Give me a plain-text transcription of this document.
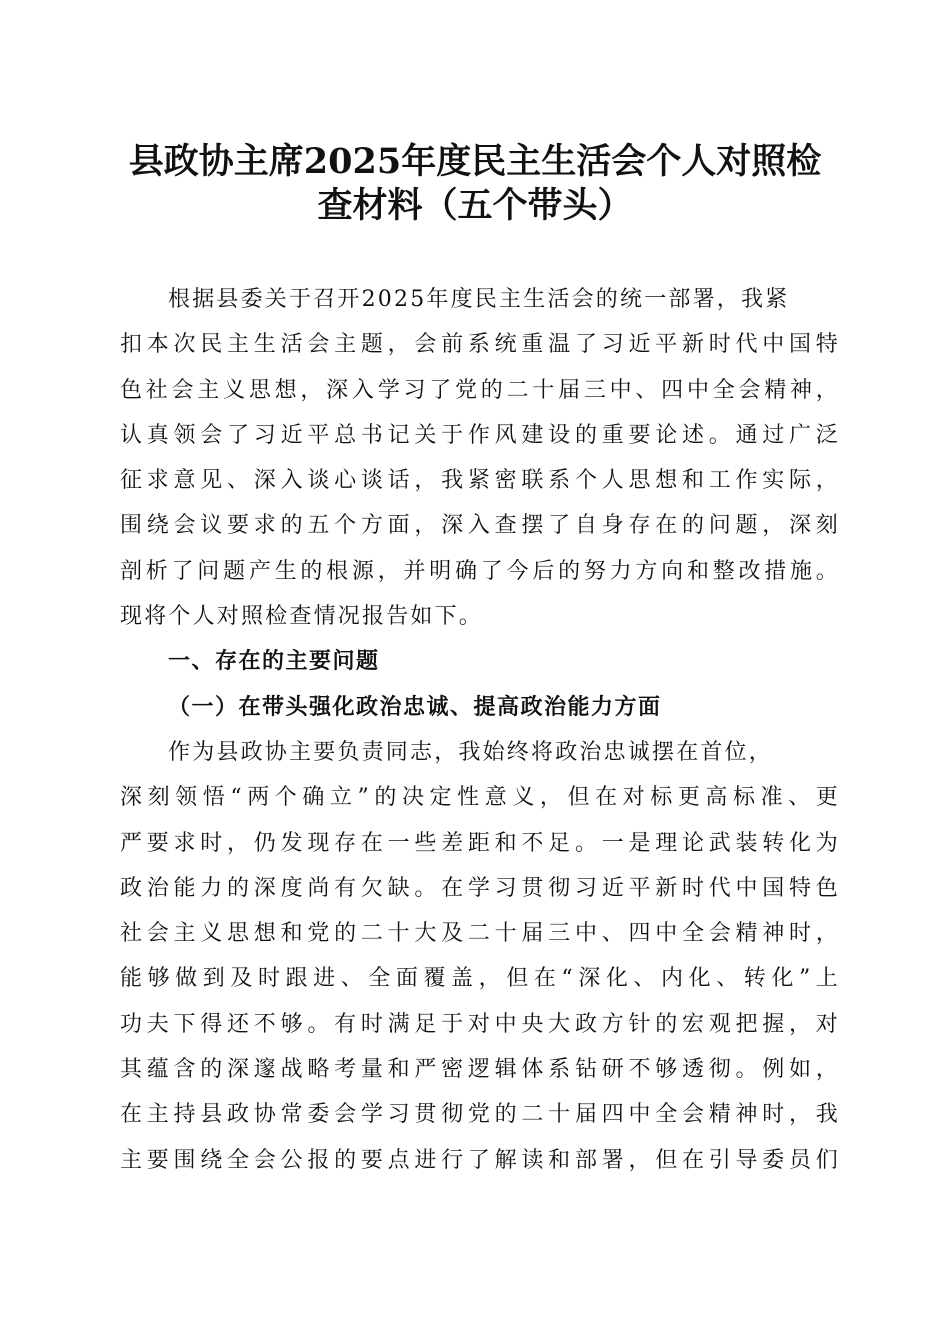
县政协主席2025年度民主生活会个人对照检
查材料（五个带头）
根据县委关于召开2025年度民主生活会的统一部署，我紧
扣本次民主生活会主题，会前系统重温了习近平新时代中国特
色社会主义思想，深入学习了党的二十届三中、四中全会精神，
认真领会了习近平总书记关于作风建设的重要论述。通过广泛
征求意见、深入谈心谈话，我紧密联系个人思想和工作实际，
围绕会议要求的五个方面，深入查摆了自身存在的问题，深刻
剖析了问题产生的根源，并明确了今后的努力方向和整改措施。
现将个人对照检查情况报告如下。
一、存在的主要问题
（一）在带头强化政治忠诚、提高政治能力方面
作为县政协主要负责同志，我始终将政治忠诚摆在首位，
深刻领悟“两个确立”的决定性意义，但在对标更高标准、更
严要求时，仍发现存在一些差距和不足。一是理论武装转化为
政治能力的深度尚有欠缺。在学习贯彻习近平新时代中国特色
社会主义思想和党的二十大及二十届三中、四中全会精神时，
能够做到及时跟进、全面覆盖，但在“深化、内化、转化”上
功夫下得还不够。有时满足于对中央大政方针的宏观把握，对
其蕴含的深邃战略考量和严密逻辑体系钻研不够透彻。例如，
在主持县政协常委会学习贯彻党的二十届四中全会精神时，我
主要围绕全会公报的要点进行了解读和部署，但在引导委员们
